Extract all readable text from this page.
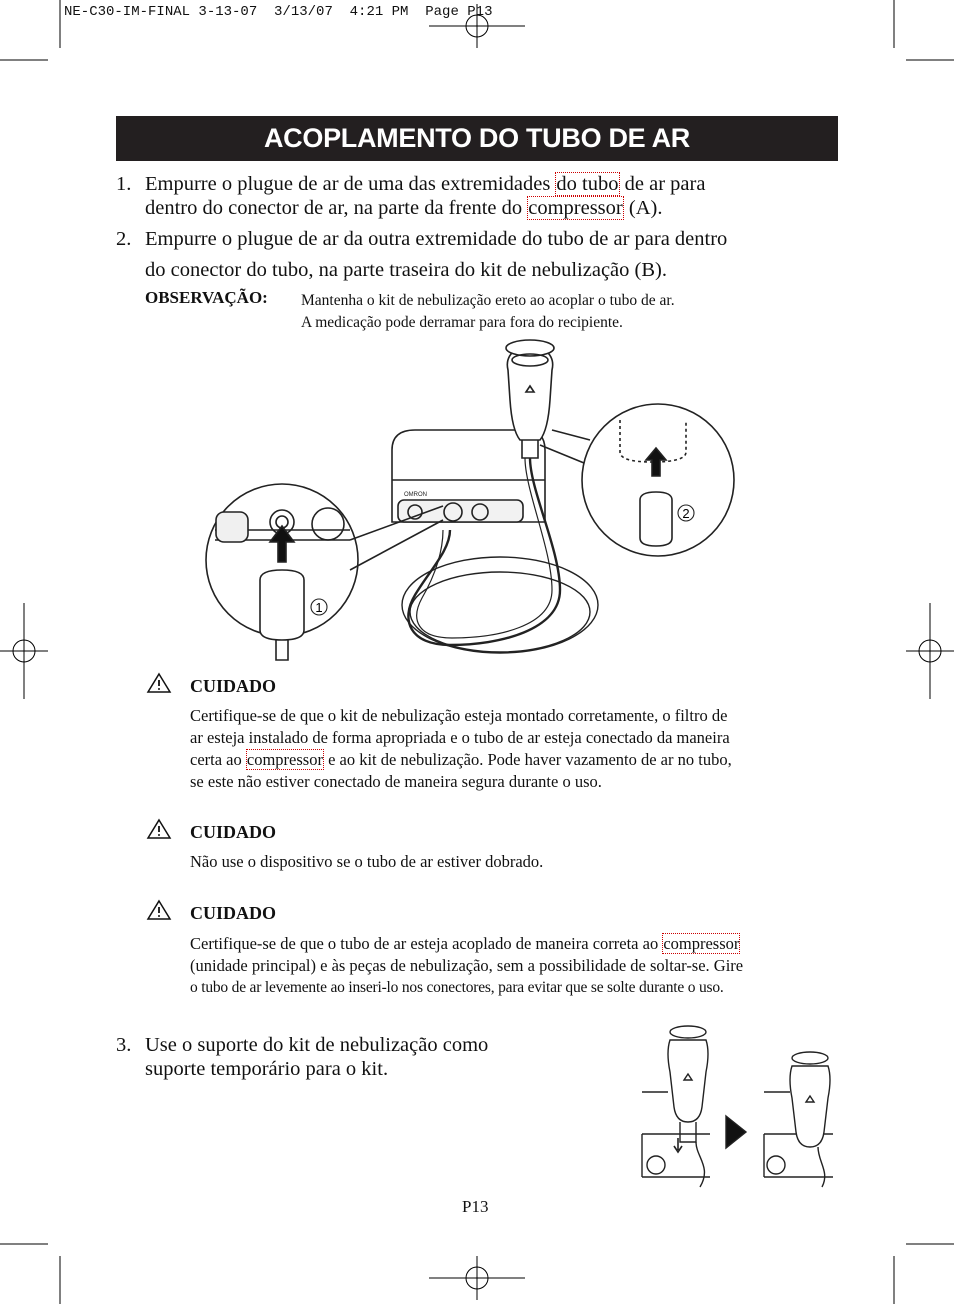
NE-C30-IM-FINAL 3-13-07  3/13/07  4:21 PM  Page P13
ACOPLAMENTO DO TUBO DE AR
1. Empurre o plugue de ar de uma das extremidades do tubo de ar para
dentro do conector de ar, na parte da frente do compressor (A).
2. Empurre o plugue de ar da outra extremidade do tubo de ar para dentro
do conector do tubo, na parte traseira do kit de nebulização (B).
OBSERVAÇÃO: Mantenha o kit de nebulização ereto ao acoplar o tubo de ar.
A medicação pode derramar para fora do recipiente.
OMRON
1
2
CUIDADO
Certifique-se de que o kit de nebulização esteja montado corretamente, o filtro de
ar esteja instalado de forma apropriada e o tubo de ar esteja conectado da maneira
certa ao compressor e ao kit de nebulização. Pode haver vazamento de ar no tubo,
se este não estiver conectado de maneira segura durante o uso.
CUIDADO
Não use o dispositivo se o tubo de ar estiver dobrado.
CUIDADO
Certifique-se de que o tubo de ar esteja acoplado de maneira correta ao compressor
(unidade principal) e às peças de nebulização, sem a possibilidade de soltar-se. Gire
o tubo de ar levemente ao inseri-lo nos conectores, para evitar que se solte durante o uso.
3. Use o suporte do kit de nebulização como
suporte temporário para o kit.
P13
